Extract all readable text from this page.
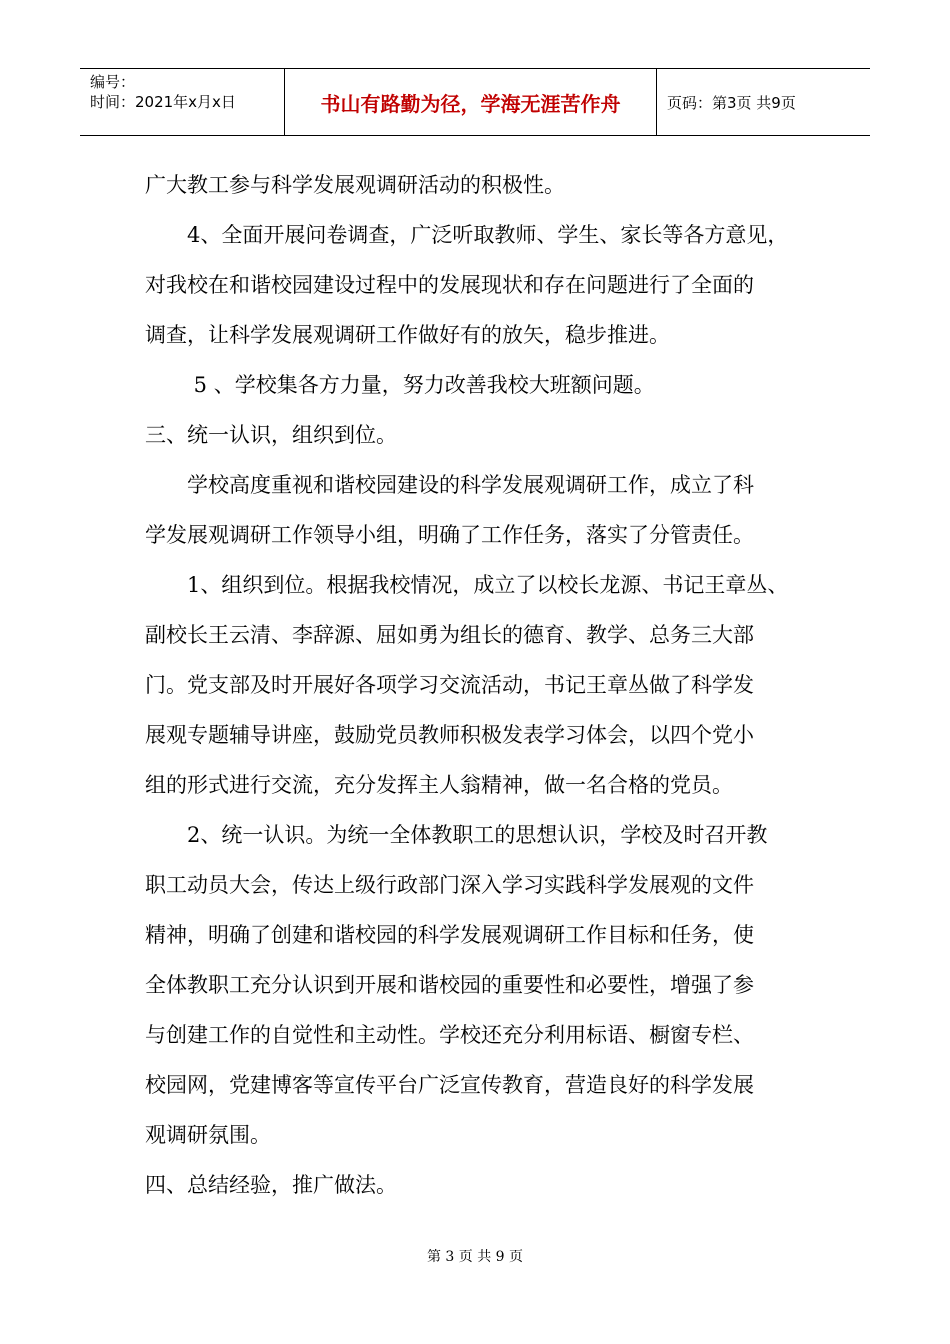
编号：
时间：2021年x月x日	书山有路勤为径，学海无涯苦作舟	页码：第3页 共9页
广大教工参与科学发展观调研活动的积极性。
4、全面开展问卷调查，广泛听取教师、学生、家长等各方意见，
对我校在和谐校园建设过程中的发展现状和存在问题进行了全面的
调查，让科学发展观调研工作做好有的放矢，稳步推进。
5 、学校集各方力量，努力改善我校大班额问题。
三、统一认识，组织到位。
学校高度重视和谐校园建设的科学发展观调研工作，成立了科
学发展观调研工作领导小组，明确了工作任务，落实了分管责任。
1、组织到位。根据我校情况，成立了以校长龙源、书记王章丛、
副校长王云清、李辞源、屈如勇为组长的德育、教学、总务三大部
门。党支部及时开展好各项学习交流活动，书记王章丛做了科学发
展观专题辅导讲座，鼓励党员教师积极发表学习体会，以四个党小
组的形式进行交流，充分发挥主人翁精神，做一名合格的党员。
2、统一认识。为统一全体教职工的思想认识，学校及时召开教
职工动员大会，传达上级行政部门深入学习实践科学发展观的文件
精神，明确了创建和谐校园的科学发展观调研工作目标和任务，使
全体教职工充分认识到开展和谐校园的重要性和必要性，增强了参
与创建工作的自觉性和主动性。学校还充分利用标语、橱窗专栏、
校园网，党建博客等宣传平台广泛宣传教育，营造良好的科学发展
观调研氛围。
四、总结经验，推广做法。
第 3 页 共 9 页
